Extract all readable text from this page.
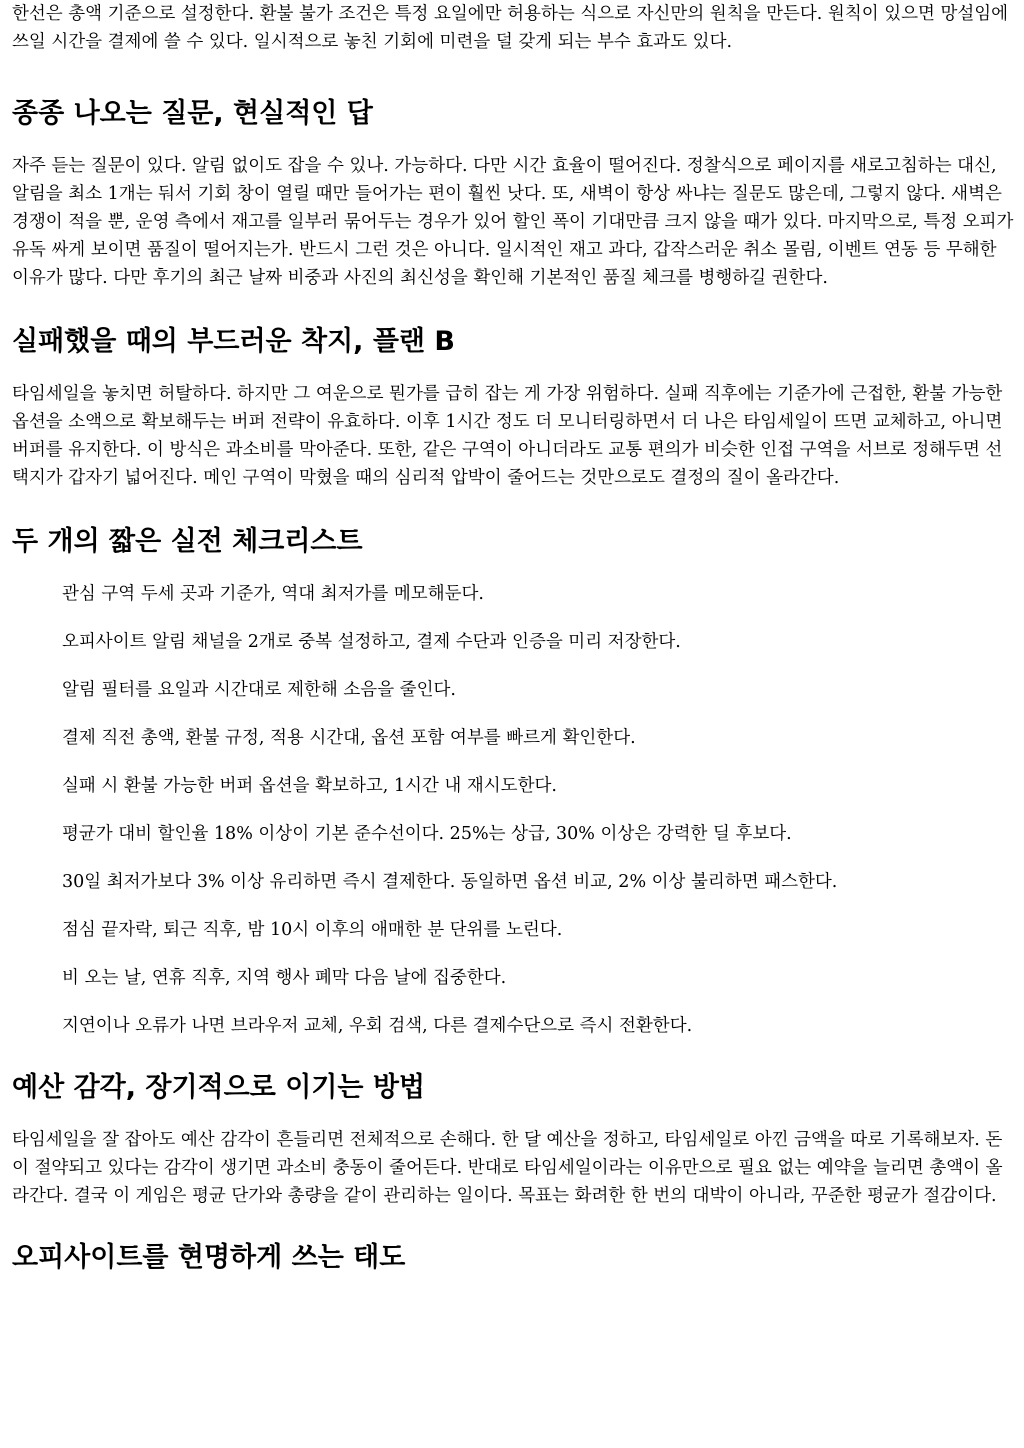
한선은 총액 기준으로 설정한다. 환불 불가 조건은 특정 요일에만 허용하는 식으로 자신만의 원칙을 만든다. 원칙이 있으면 망설임에 쓰일 시간을 결제에 쓸 수 있다. 일시적으로 놓친 기회에 미련을 덜 갖게 되는 부수 효과도 있다.

종종 나오는 질문, 현실적인 답

자주 듣는 질문이 있다. 알림 없이도 잡을 수 있나. 가능하다. 다만 시간 효율이 떨어진다. 정찰식으로 페이지를 새로고침하는 대신, 알림을 최소 1개는 둬서 기회 창이 열릴 때만 들어가는 편이 훨씬 낫다. 또, 새벽이 항상 싸냐는 질문도 많은데, 그렇지 않다. 새벽은 경쟁이 적을 뿐, 운영 측에서 재고를 일부러 묶어두는 경우가 있어 할인 폭이 기대만큼 크지 않을 때가 있다. 마지막으로, 특정 오피가 유독 싸게 보이면 품질이 떨어지는가. 반드시 그런 것은 아니다. 일시적인 재고 과다, 갑작스러운 취소 몰림, 이벤트 연동 등 무해한 이유가 많다. 다만 후기의 최근 날짜 비중과 사진의 최신성을 확인해 기본적인 품질 체크를 병행하길 권한다.

실패했을 때의 부드러운 착지, 플랜 B

타임세일을 놓치면 허탈하다. 하지만 그 여운으로 뭔가를 급히 잡는 게 가장 위험하다. 실패 직후에는 기준가에 근접한, 환불 가능한 옵션을 소액으로 확보해두는 버퍼 전략이 유효하다. 이후 1시간 정도 더 모니터링하면서 더 나은 타임세일이 뜨면 교체하고, 아니면 버퍼를 유지한다. 이 방식은 과소비를 막아준다. 또한, 같은 구역이 아니더라도 교통 편의가 비슷한 인접 구역을 서브로 정해두면 선택지가 갑자기 넓어진다. 메인 구역이 막혔을 때의 심리적 압박이 줄어드는 것만으로도 결정의 질이 올라간다.

두 개의 짧은 실전 체크리스트
관심 구역 두세 곳과 기준가, 역대 최저가를 메모해둔다.
오피사이트 알림 채널을 2개로 중복 설정하고, 결제 수단과 인증을 미리 저장한다.
알림 필터를 요일과 시간대로 제한해 소음을 줄인다.
결제 직전 총액, 환불 규정, 적용 시간대, 옵션 포함 여부를 빠르게 확인한다.
실패 시 환불 가능한 버퍼 옵션을 확보하고, 1시간 내 재시도한다.
평균가 대비 할인율 18% 이상이 기본 준수선이다. 25%는 상급, 30% 이상은 강력한 딜 후보다.
30일 최저가보다 3% 이상 유리하면 즉시 결제한다. 동일하면 옵션 비교, 2% 이상 불리하면 패스한다.
점심 끝자락, 퇴근 직후, 밤 10시 이후의 애매한 분 단위를 노린다.
비 오는 날, 연휴 직후, 지역 행사 폐막 다음 날에 집중한다.
지연이나 오류가 나면 브라우저 교체, 우회 검색, 다른 결제수단으로 즉시 전환한다.
예산 감각, 장기적으로 이기는 방법

타임세일을 잘 잡아도 예산 감각이 흔들리면 전체적으로 손해다. 한 달 예산을 정하고, 타임세일로 아낀 금액을 따로 기록해보자. 돈이 절약되고 있다는 감각이 생기면 과소비 충동이 줄어든다. 반대로 타임세일이라는 이유만으로 필요 없는 예약을 늘리면 총액이 올라간다. 결국 이 게임은 평균 단가와 총량을 같이 관리하는 일이다. 목표는 화려한 한 번의 대박이 아니라, 꾸준한 평균가 절감이다.

오피사이트를 현명하게 쓰는 태도
